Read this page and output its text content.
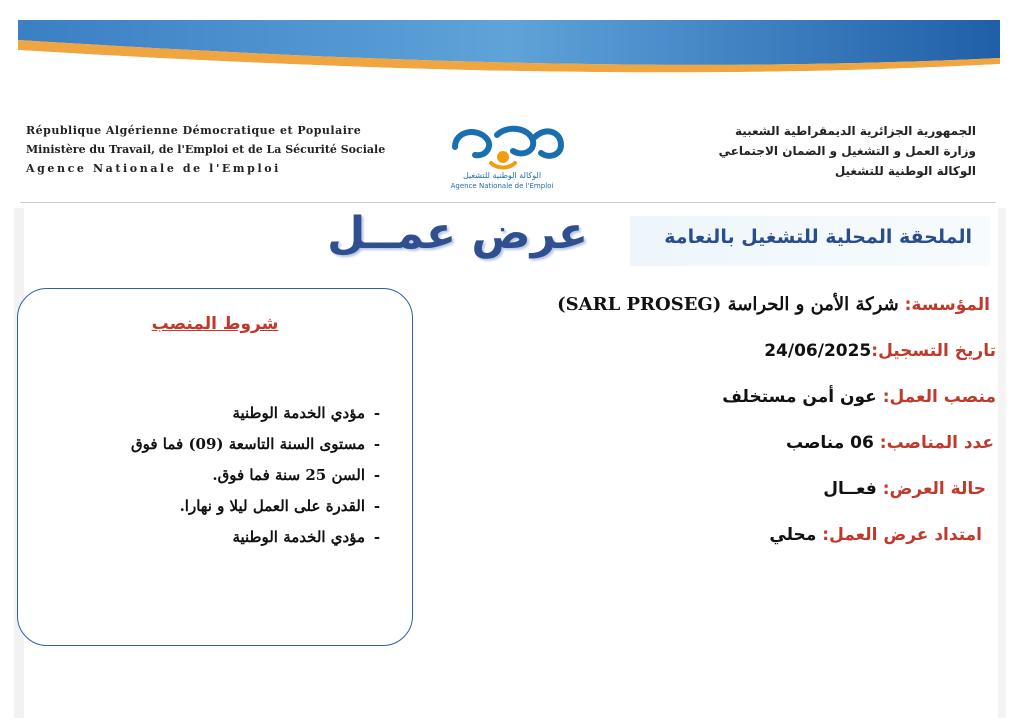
République Algérienne Démocratique et Populaire
Ministère du Travail, de l'Emploi et de La Sécurité Sociale
Agence Nationale de l'Emploi
الوكالة الوطنية للتشغيل
Agence Nationale de l'Emploi
الجمهورية الجزائرية الديمقراطية الشعبية
وزارة العمل و التشغيل و الضمان الاجتماعي
الوكالة الوطنية للتشغيل
الملحقة المحلية للتشغيل بالنعامة
عرض عمــل
شروط المنصب
-مؤدي الخدمة الوطنية
-مستوى السنة التاسعة (09) فما فوق
-السن 25 سنة فما فوق.
-القدرة على العمل ليلا و نهارا.
-مؤدي الخدمة الوطنية
المؤسسة: شركة الأمن و الحراسة (SARL PROSEG)
تاريخ التسجيل:24/06/2025
منصب العمل: عون أمن مستخلف
عدد المناصب: 06 مناصب
حالة العرض: فعــال
امتداد عرض العمل: محلي
